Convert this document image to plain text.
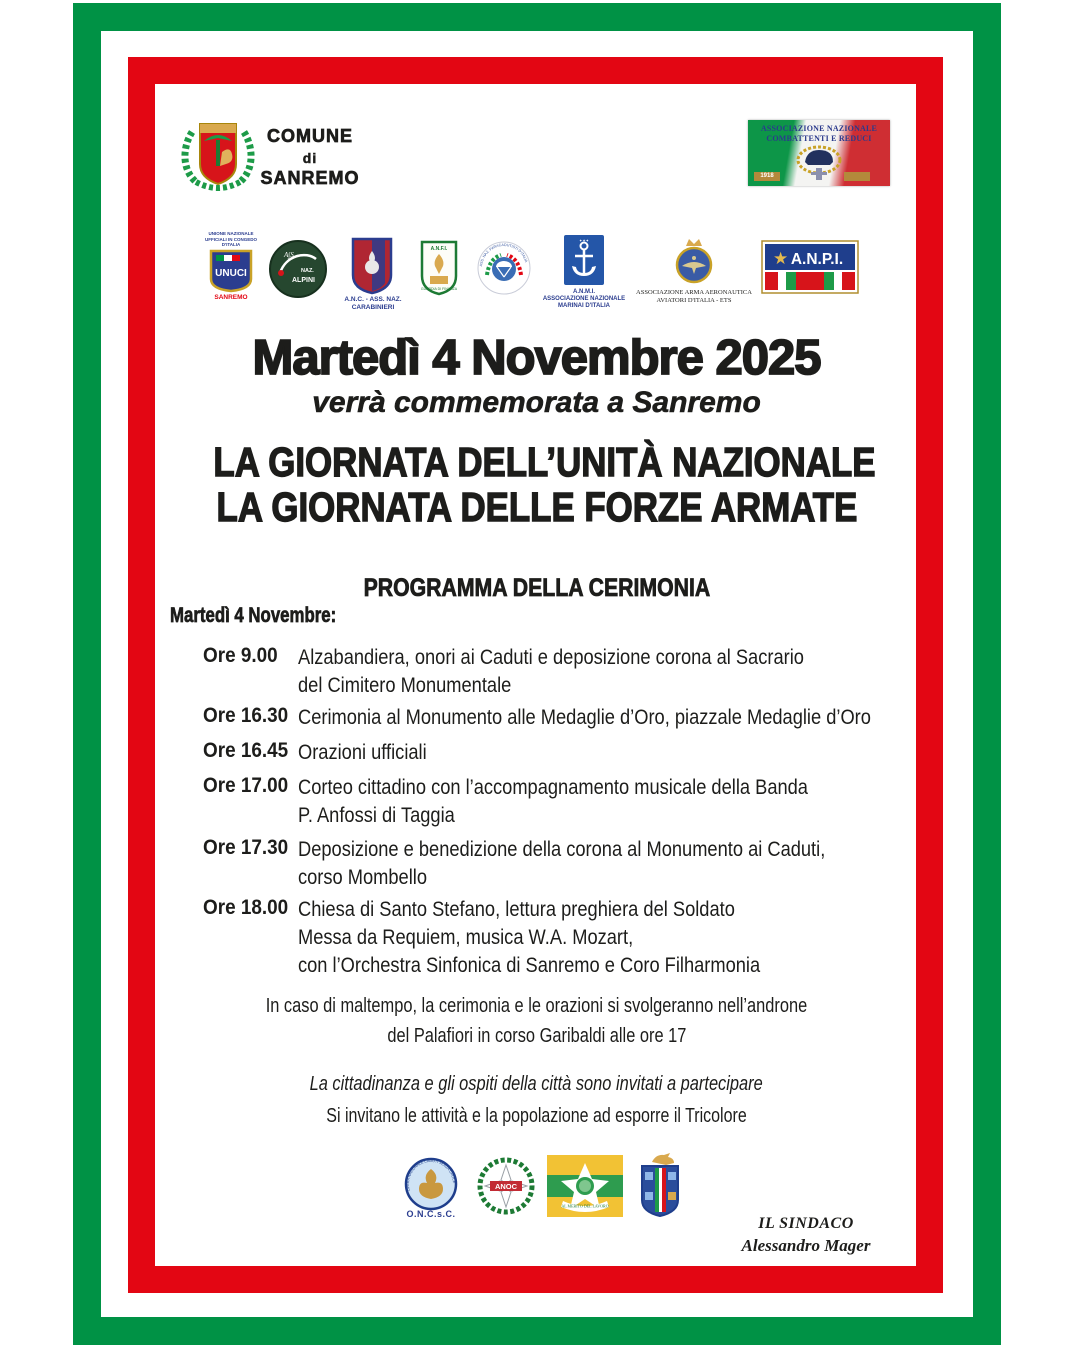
COMUNE
di
SANREMO
ASSOCIAZIONE NAZIONALE
COMBATTENTI E REDUCI
1918
UNIONE NAZIONALE
UFFICIALI IN CONGEDO
D'ITALIA
UNUCI
SANREMO
A∫S
NAZ.
ALPINI
A.N.C. - ASS. NAZ.
CARABINIERI
A.N.F.I.
GUARDIA DI FINANZA
ASS. NAZ. PARACADUTISTI D'ITALIA
✦✦✦
A.N.M.I.
ASSOCIAZIONE NAZIONALE
MARINAI D'ITALIA
ASSOCIAZIONE ARMA AERONAUTICA
AVIATORI D'ITALIA - ETS
★ A.N.P.I.
Martedì 4 Novembre 2025
verrà commemorata a Sanremo
LA GIORNATA DELL’UNITÀ NAZIONALE
LA GIORNATA DELLE FORZE ARMATE
PROGRAMMA DELLA CERIMONIA
Martedì 4 Novembre:
Ore 9.00 Alzabandiera, onori ai Caduti e deposizione corona al Sacrario
del Cimitero Monumentale
Ore 16.30 Cerimonia al Monumento alle Medaglie d’Oro, piazzale Medaglie d’Oro
Ore 16.45 Orazioni ufficiali
Ore 17.00 Corteo cittadino con l’accompagnamento musicale della Banda
P. Anfossi di Taggia
Ore 17.30 Deposizione e benedizione della corona al Monumento ai Caduti,
corso Mombello
Ore 18.00 Chiesa di Santo Stefano, lettura preghiera del Soldato
Messa da Requiem, musica W.A. Mozart,
con l’Orchestra Sinfonica di Sanremo e Coro Filharmonia
In caso di maltempo, la cerimonia e le orazioni si svolgeranno nell’androne
del Palafiori in corso Garibaldi alle ore 17
La cittadinanza e gli ospiti della città sono invitati a partecipare
Si invitano le attività e la popolazione ad esporre il Tricolore
OPERA NAZIONALE CADUTI SENZA CROCE
O.N.C.s.C.
ANOC
AL MERITO DEL LAVORO
IL SINDACO
Alessandro Mager
